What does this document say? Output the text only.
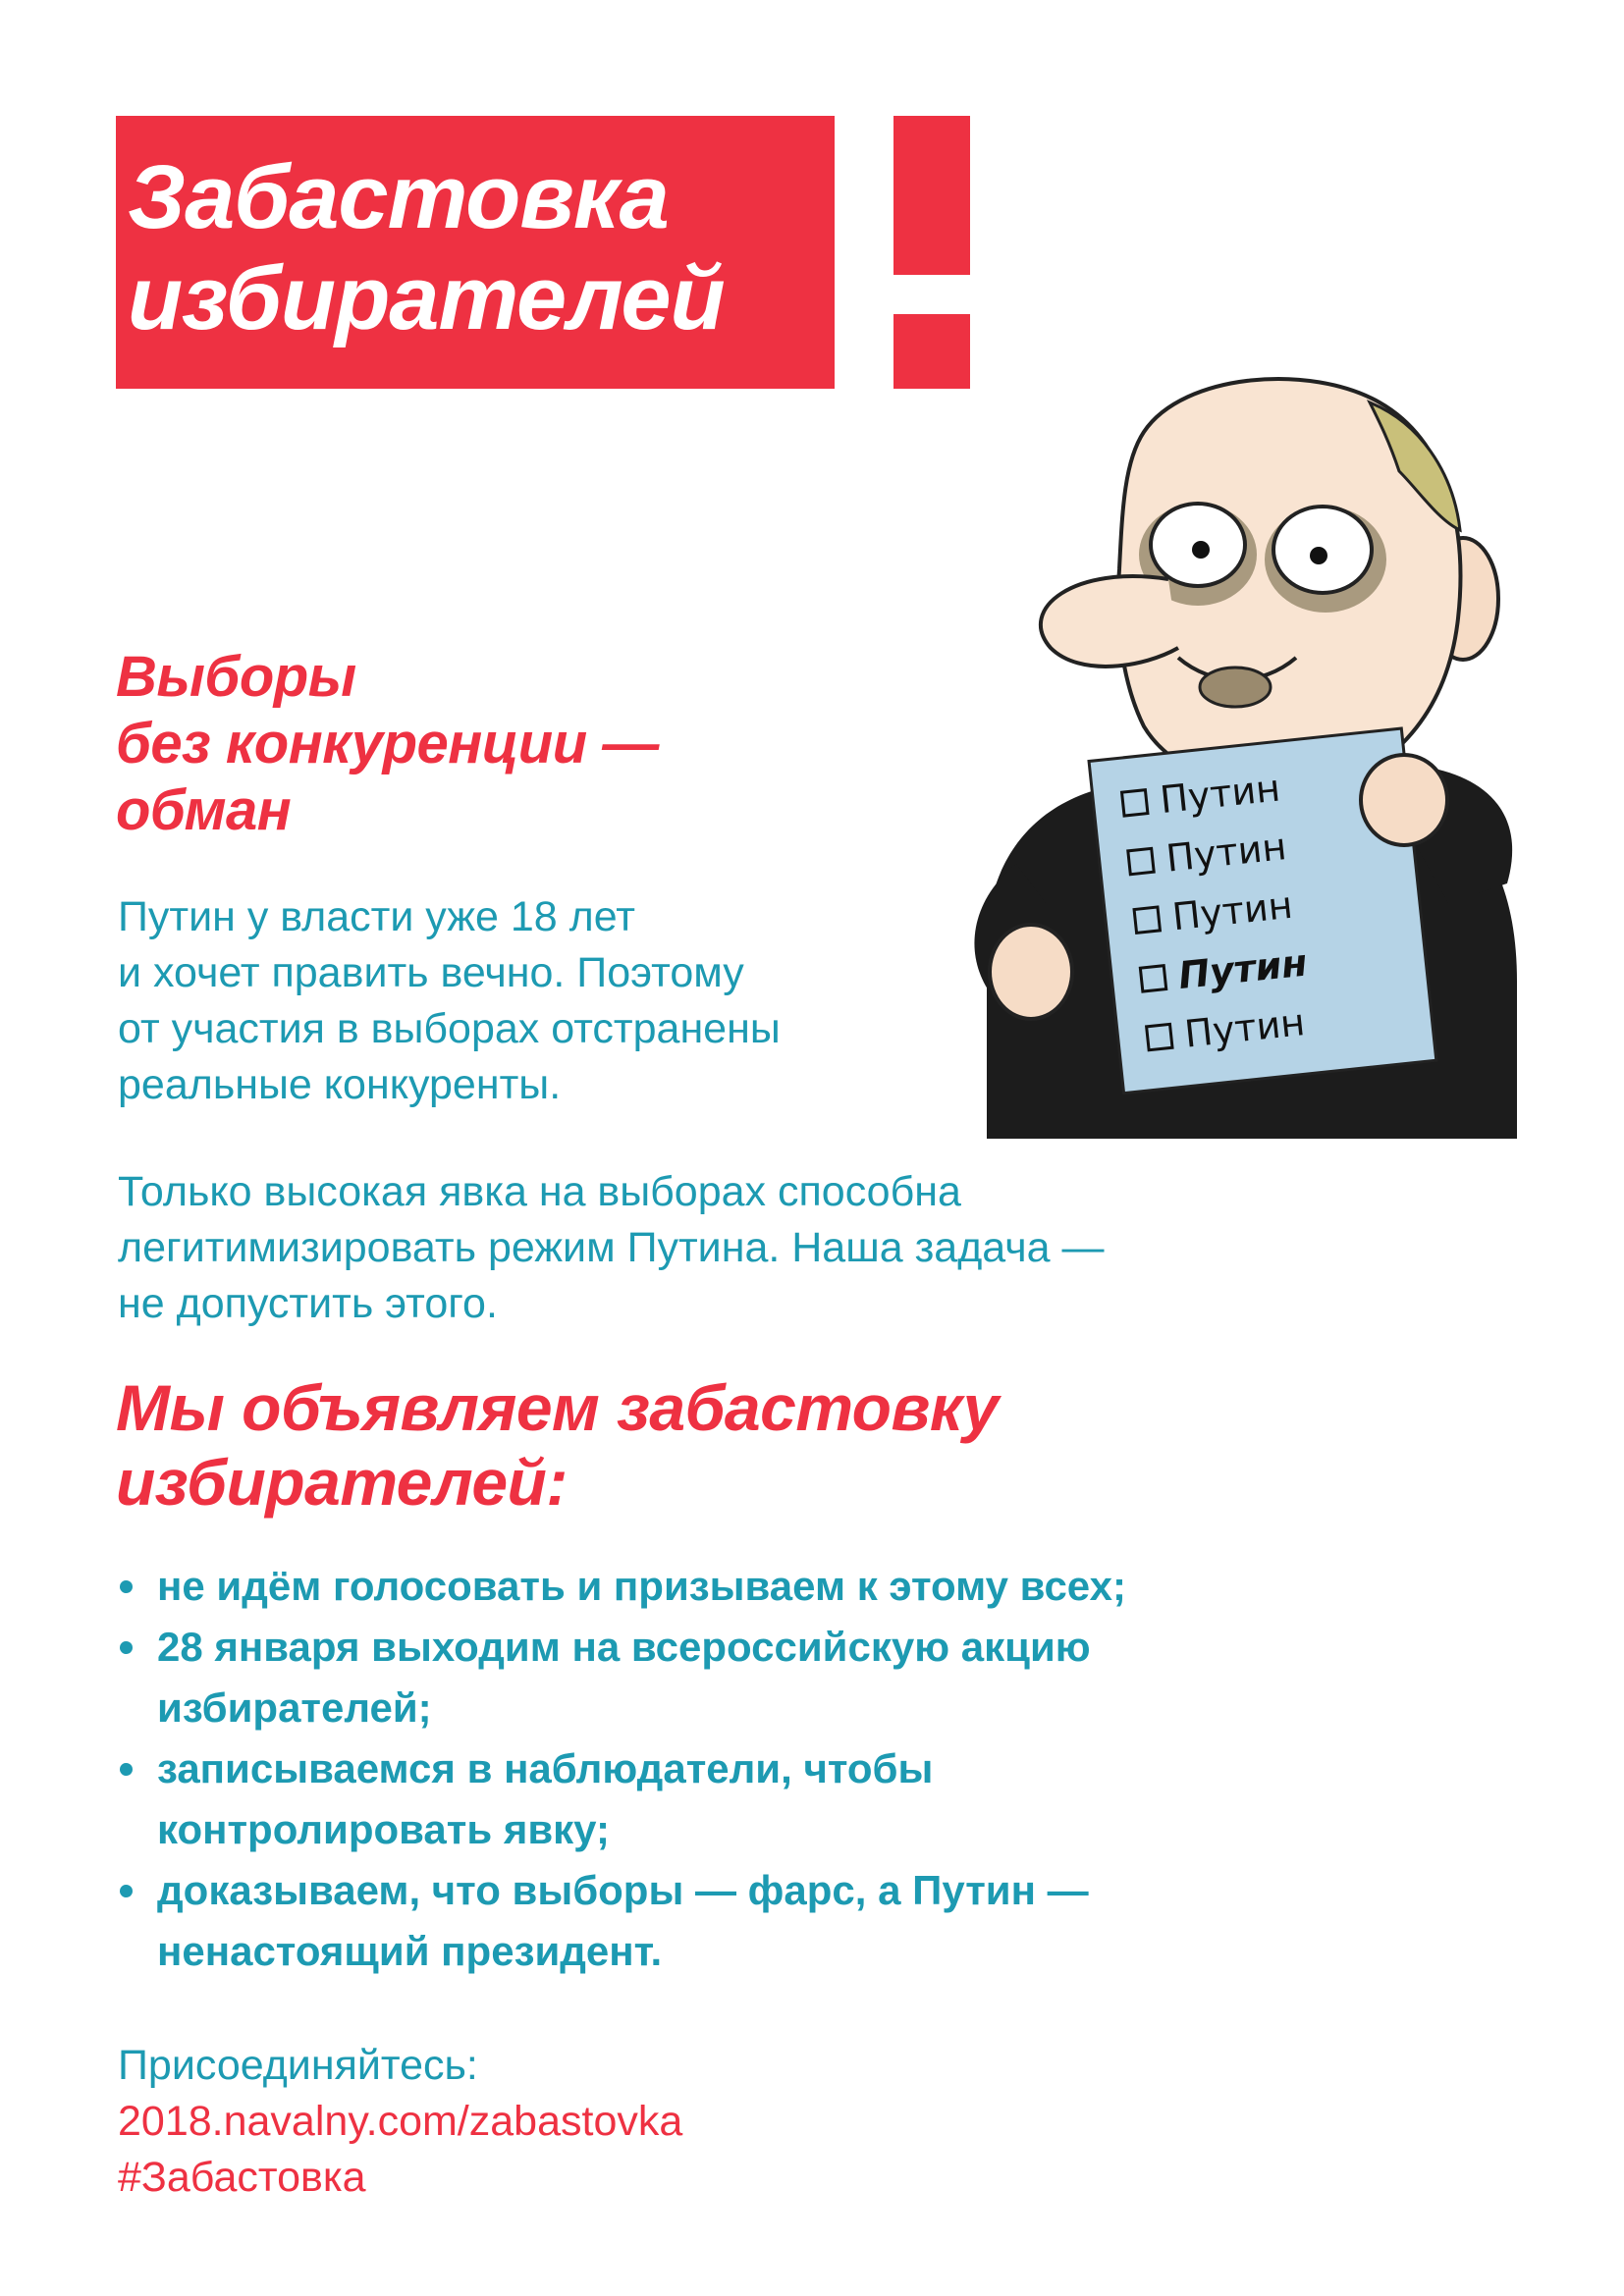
Забастовка
избирателей
Путин
Путин
Путин
Путин
Путин
Выборы
без конкуренции —
обман
Путин у власти уже 18 лет
и хочет править вечно. Поэтому
от участия в выборах отстранены
реальные конкуренты.
Только высокая явка на выборах способна
легитимизировать режим Путина. Наша задача —
не допустить этого.
Мы объявляем забастовку
избирателей:
не идём голосовать и призываем к этому всех;
28 января выходим на всероссийскую акцию
избирателей;
записываемся в наблюдатели, чтобы
контролировать явку;
доказываем, что выборы — фарс, а Путин —
ненастоящий президент.
Присоединяйтесь:
2018.navalny.com/zabastovka
#Забастовка
